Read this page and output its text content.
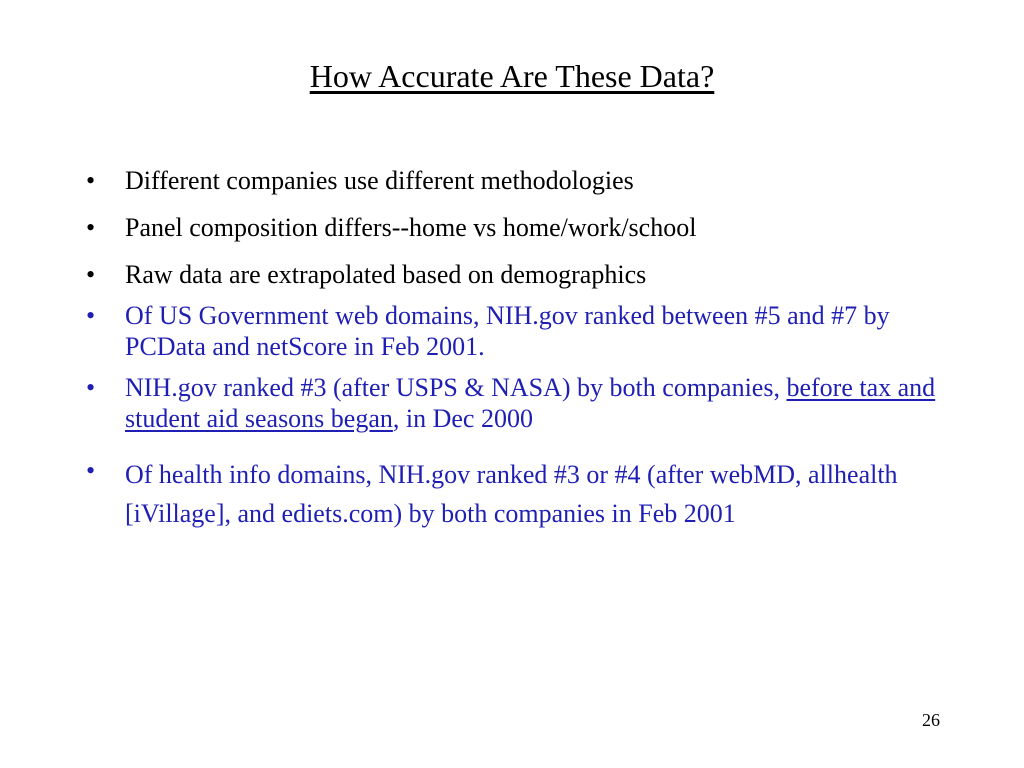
How Accurate Are These Data?
•	Different companies use different methodologies
•	Panel composition differs--home vs home/work/school
•	Raw data are extrapolated based on demographics
•	Of US Government web domains, NIH.gov ranked between #5 and #7 by PCData and netScore in Feb 2001.
•	NIH.gov ranked #3 (after USPS & NASA) by both companies, before tax and student aid seasons began, in Dec 2000
•	Of health info domains, NIH.gov ranked #3 or #4 (after webMD, allhealth [iVillage], and ediets.com) by both companies in Feb 2001
26
